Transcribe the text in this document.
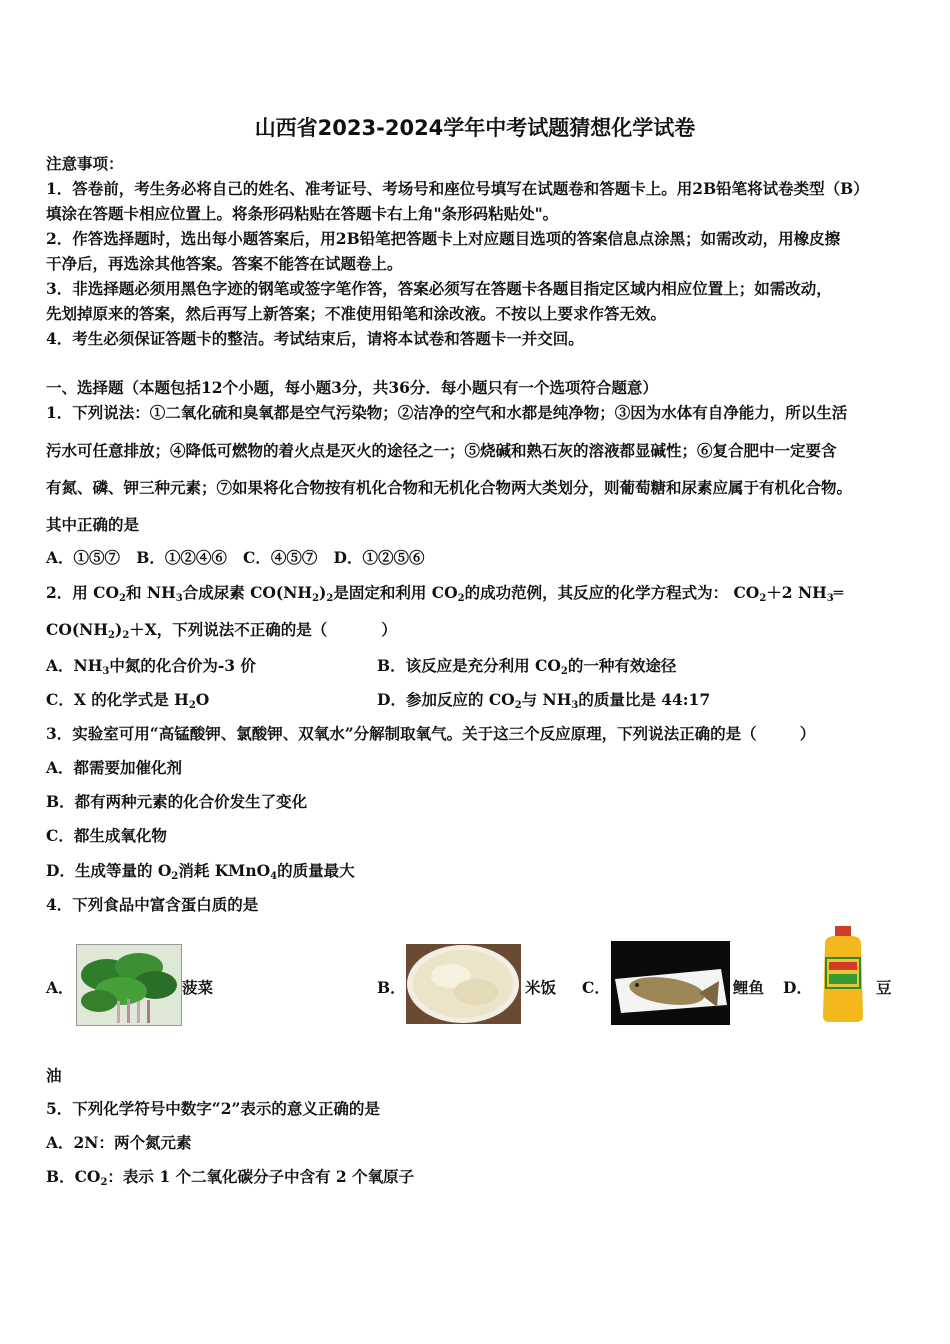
山西省2023-2024学年中考试题猜想化学试卷
注意事项：
1．答卷前，考生务必将自己的姓名、准考证号、考场号和座位号填写在试题卷和答题卡上。用2B铅笔将试卷类型（B）
填涂在答题卡相应位置上。将条形码粘贴在答题卡右上角"条形码粘贴处"。
2．作答选择题时，选出每小题答案后，用2B铅笔把答题卡上对应题目选项的答案信息点涂黑；如需改动，用橡皮擦
干净后，再选涂其他答案。答案不能答在试题卷上。
3．非选择题必须用黑色字迹的钢笔或签字笔作答，答案必须写在答题卡各题目指定区域内相应位置上；如需改动，
先划掉原来的答案，然后再写上新答案；不准使用铅笔和涂改液。不按以上要求作答无效。
4．考生必须保证答题卡的整洁。考试结束后，请将本试卷和答题卡一并交回。
一、选择题（本题包括12个小题，每小题3分，共36分．每小题只有一个选项符合题意）
1．下列说法：①二氧化硫和臭氧都是空气污染物；②洁净的空气和水都是纯净物；③因为水体有自净能力，所以生活
污水可任意排放；④降低可燃物的着火点是灭火的途径之一；⑤烧碱和熟石灰的溶液都显碱性；⑥复合肥中一定要含
有氮、磷、钾三种元素；⑦如果将化合物按有机化合物和无机化合物两大类划分，则葡萄糖和尿素应属于有机化合物。
其中正确的是
A．①⑤⑦   B．①②④⑥   C．④⑤⑦   D．①②⑤⑥
2．用 $CO_2$和 $NH_3$合成尿素 $CO(NH_2)_2$是固定和利用 $CO_2$的成功范例，其反应的化学方程式为： $CO_2+2$ $NH_3═$
$CO(NH_2)_2+X$，下列说法不正确的是（          ）
A．$NH_3$中氮的化合价为-3 价	B．该反应是充分利用 $CO_2$的一种有效途径
C．X 的化学式是 $H_2O$	D．参加反应的 $CO_2$与 $NH_3$的质量比是 44:17
3．实验室可用“高锰酸钾、氯酸钾、双氧水”分解制取氧气。关于这三个反应原理，下列说法正确的是（        ）
A．都需要加催化剂
B．都有两种元素的化合价发生了变化
C．都生成氧化物
D．生成等量的 $O_2$消耗 KMnO$_4$的质量最大
4．下列食品中富含蛋白质的是
A．	菠菜	B．	米饭 C．	鲤鱼 D．	豆
油
5．下列化学符号中数字“2”表示的意义正确的是
A．2N：两个氮元素
B．$CO_2$：表示 1 个二氧化碳分子中含有 2 个氧原子
